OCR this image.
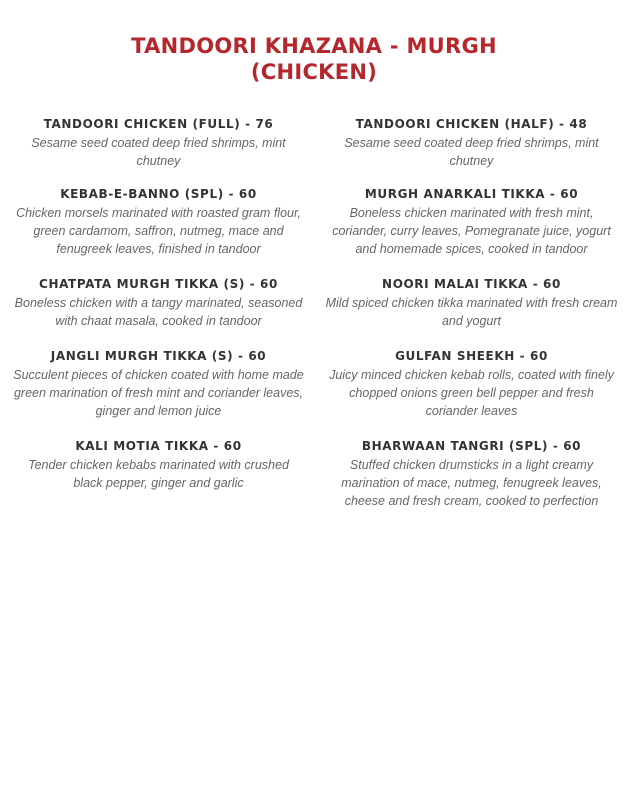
TANDOORI KHAZANA - MURGH
(CHICKEN)
TANDOORI CHICKEN (FULL) - 76
Sesame seed coated deep fried shrimps, mint chutney
TANDOORI CHICKEN (HALF) - 48
Sesame seed coated deep fried shrimps, mint chutney
KEBAB-E-BANNO (SPL) - 60
Chicken morsels marinated with roasted gram flour, green cardamom, saffron, nutmeg, mace and fenugreek leaves, finished in tandoor
MURGH ANARKALI TIKKA - 60
Boneless chicken marinated with fresh mint, coriander, curry leaves, Pomegranate juice, yogurt and homemade spices, cooked in tandoor
CHATPATA MURGH TIKKA (S) - 60
Boneless chicken with a tangy marinated, seasoned with chaat masala, cooked in tandoor
NOORI MALAI TIKKA - 60
Mild spiced chicken tikka marinated with fresh cream and yogurt
JANGLI MURGH TIKKA (S) - 60
Succulent pieces of chicken coated with home made green marination of fresh mint and coriander leaves, ginger and lemon juice
GULFAN SHEEKH - 60
Juicy minced chicken kebab rolls, coated with finely chopped onions green bell pepper and fresh coriander leaves
KALI MOTIA TIKKA - 60
Tender chicken kebabs marinated with crushed black pepper, ginger and garlic
BHARWAAN TANGRI (SPL) - 60
Stuffed chicken drumsticks in a light creamy marination of mace, nutmeg, fenugreek leaves, cheese and fresh cream, cooked to perfection
